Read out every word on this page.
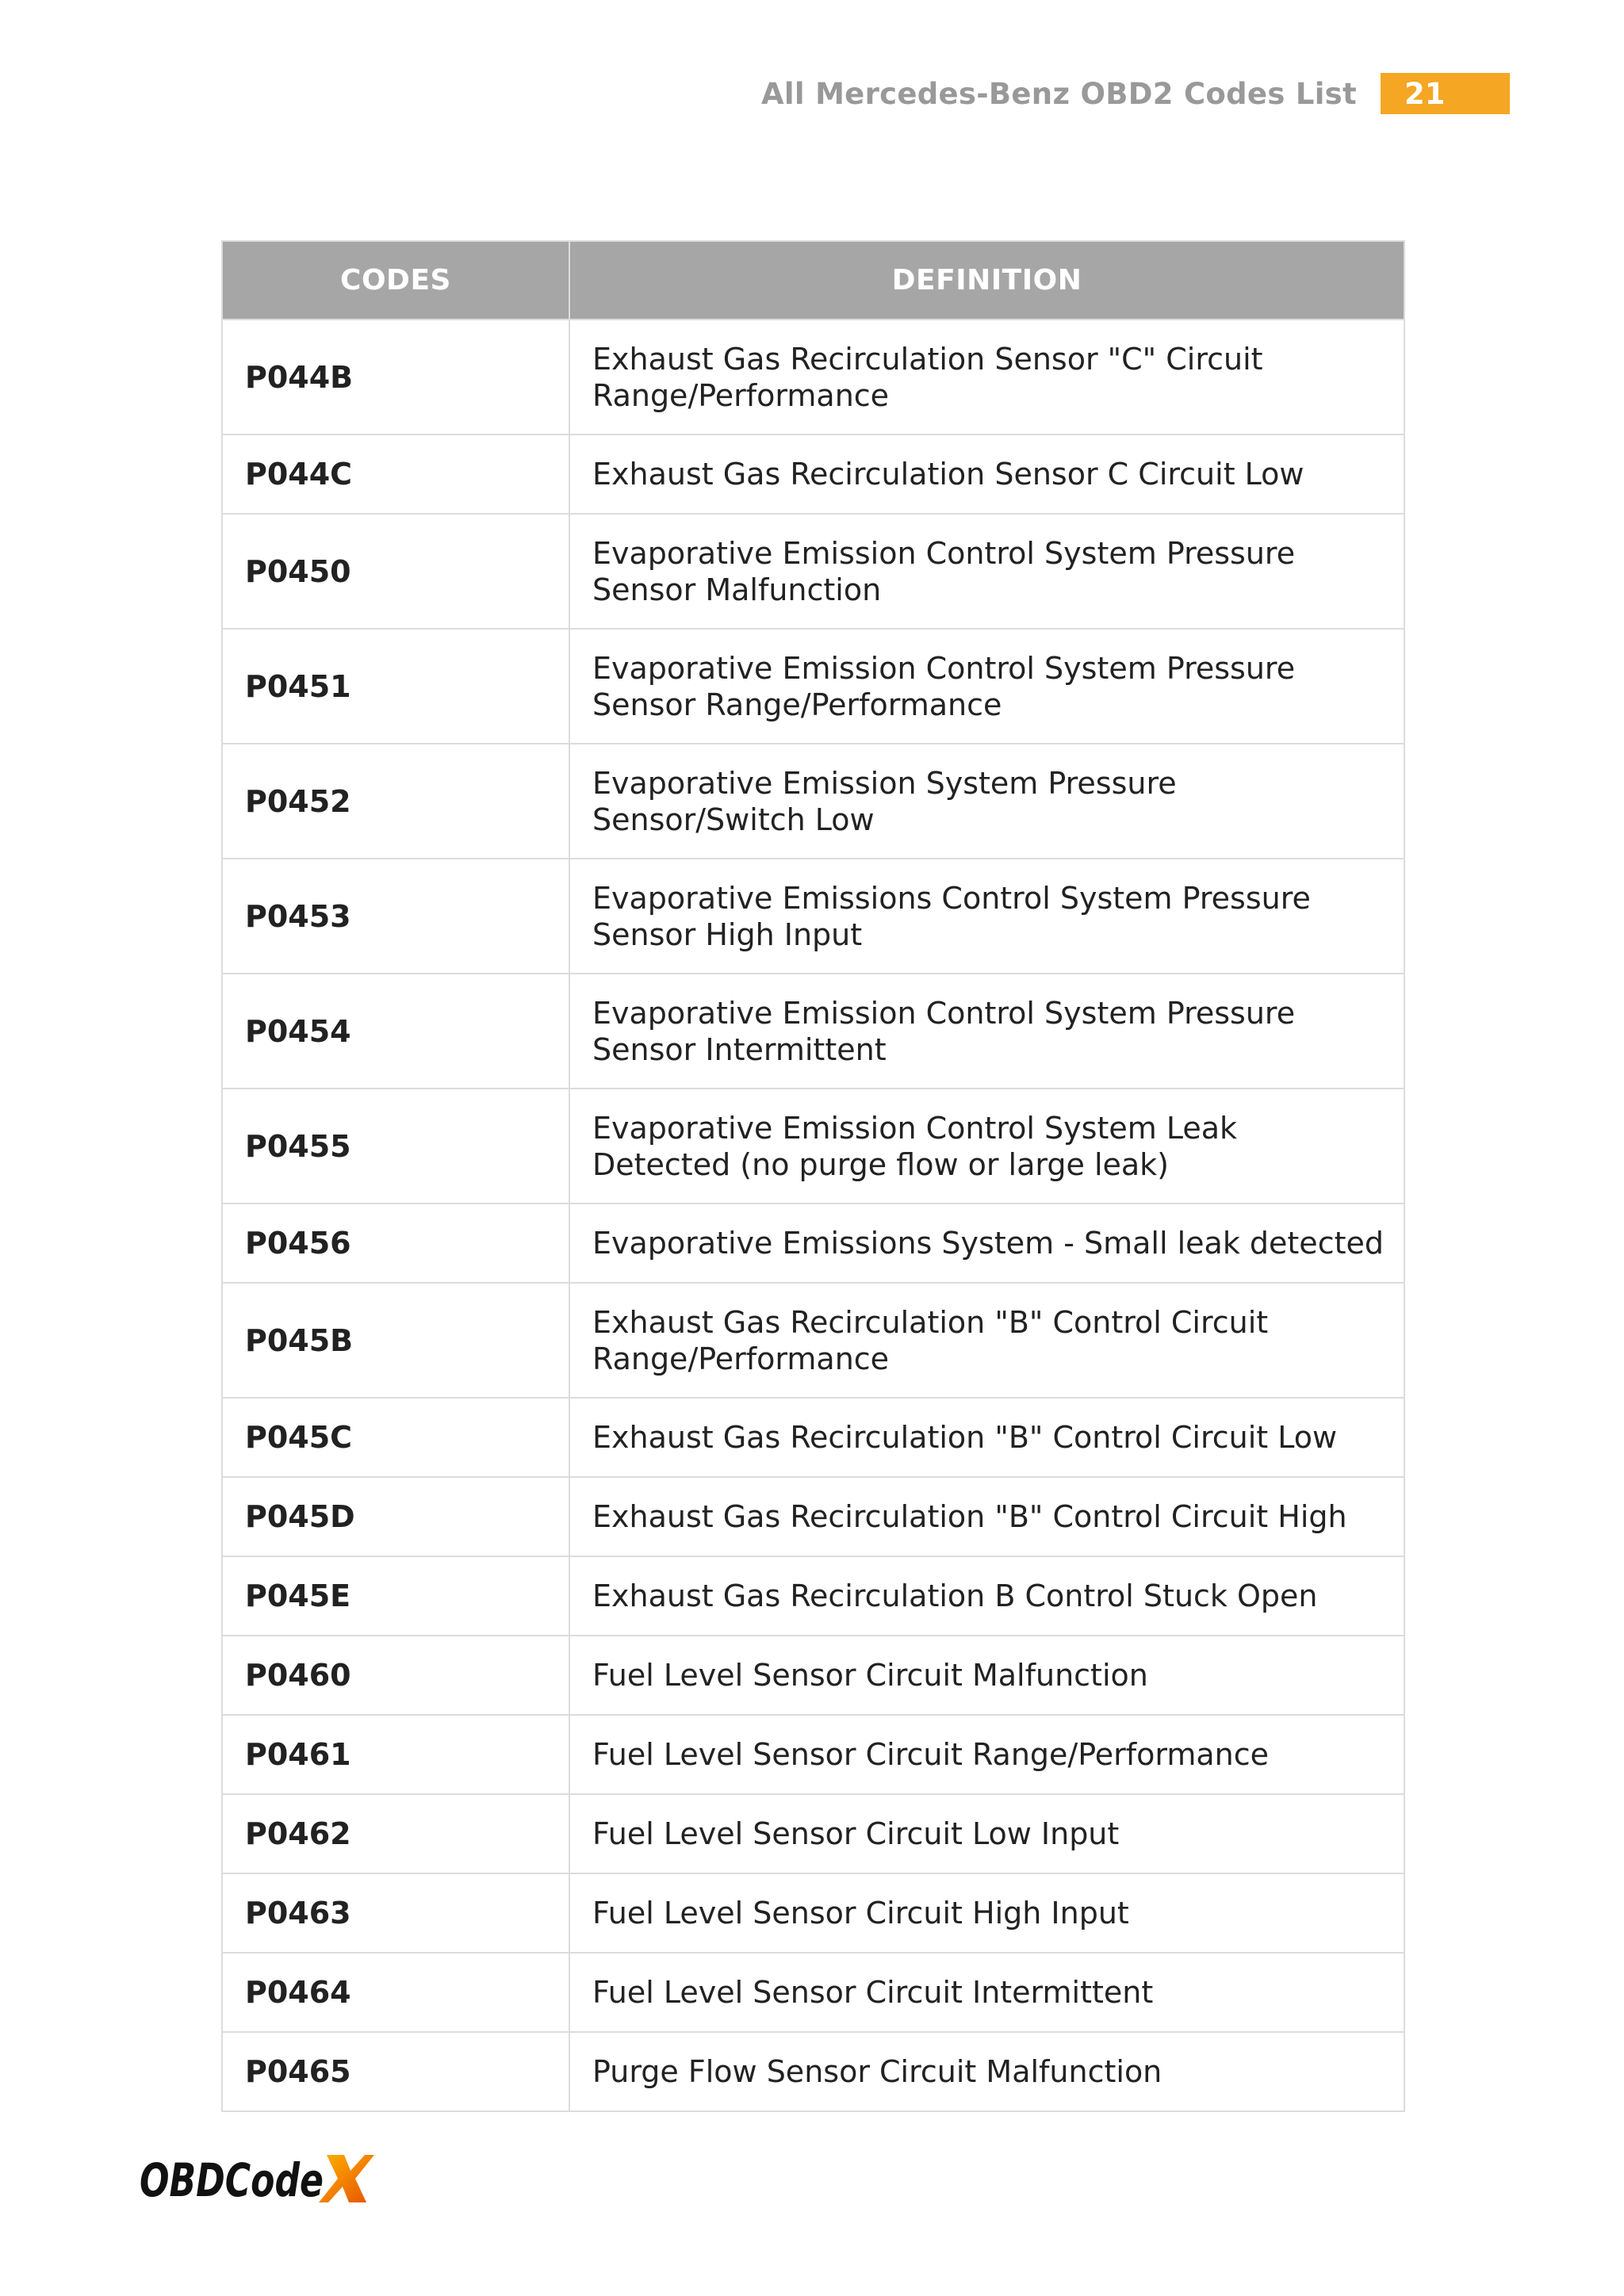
All Mercedes-Benz OBD2 Codes List	21
CODES	DEFINITION
P044B	Exhaust Gas Recirculation Sensor "C" Circuit Range/Performance
P044C	Exhaust Gas Recirculation Sensor C Circuit Low
P0450	Evaporative Emission Control System Pressure Sensor Malfunction
P0451	Evaporative Emission Control System Pressure Sensor Range/Performance
P0452	Evaporative Emission System Pressure Sensor/Switch Low
P0453	Evaporative Emissions Control System Pressure Sensor High Input
P0454	Evaporative Emission Control System Pressure Sensor Intermittent
P0455	Evaporative Emission Control System Leak Detected (no purge flow or large leak)
P0456	Evaporative Emissions System - Small leak detected
P045B	Exhaust Gas Recirculation "B" Control Circuit Range/Performance
P045C	Exhaust Gas Recirculation "B" Control Circuit Low
P045D	Exhaust Gas Recirculation "B" Control Circuit High
P045E	Exhaust Gas Recirculation B Control Stuck Open
P0460	Fuel Level Sensor Circuit Malfunction
P0461	Fuel Level Sensor Circuit Range/Performance
P0462	Fuel Level Sensor Circuit Low Input
P0463	Fuel Level Sensor Circuit High Input
P0464	Fuel Level Sensor Circuit Intermittent
P0465	Purge Flow Sensor Circuit Malfunction
OBDCode
